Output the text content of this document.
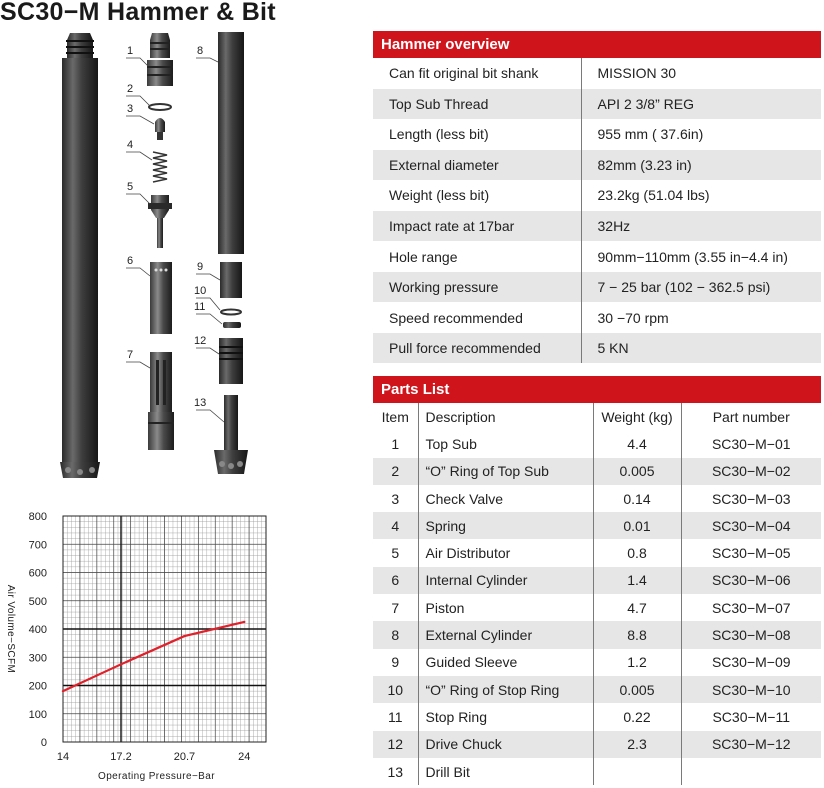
SC30−M Hammer & Bit
1
2
3
4
5
6
7
8
9
10
11
12
13
Hammer overview
Can fit original bit shank	MISSION 30
Top Sub Thread	API 2 3/8” REG
Length (less bit)	955 mm ( 37.6in)
External diameter	82mm (3.23 in)
Weight (less bit)	23.2kg (51.04 lbs)
Impact rate at 17bar	32Hz
Hole range	90mm−110mm (3.55 in−4.4 in)
Working pressure	7 − 25 bar (102 − 362.5 psi)
Speed recommended	30 −70 rpm
Pull force recommended	5 KN
Parts List
Item	Description	Weight (kg)	Part number
1	Top Sub	4.4	SC30−M−01
2	“O” Ring of Top Sub	0.005	SC30−M−02
3	Check Valve	0.14	SC30−M−03
4	Spring	0.01	SC30−M−04
5	Air Distributor	0.8	SC30−M−05
6	Internal Cylinder	1.4	SC30−M−06
7	Piston	4.7	SC30−M−07
8	External Cylinder	8.8	SC30−M−08
9	Guided Sleeve	1.2	SC30−M−09
10	“O” Ring of Stop Ring	0.005	SC30−M−10
11	Stop Ring	0.22	SC30−M−11
12	Drive Chuck	2.3	SC30−M−12
13	Drill Bit		
0
100
200
300
400
500
600
700
800
14	17.2	20.7	24
Operating Pressure−Bar
Air Volume−SCFM
